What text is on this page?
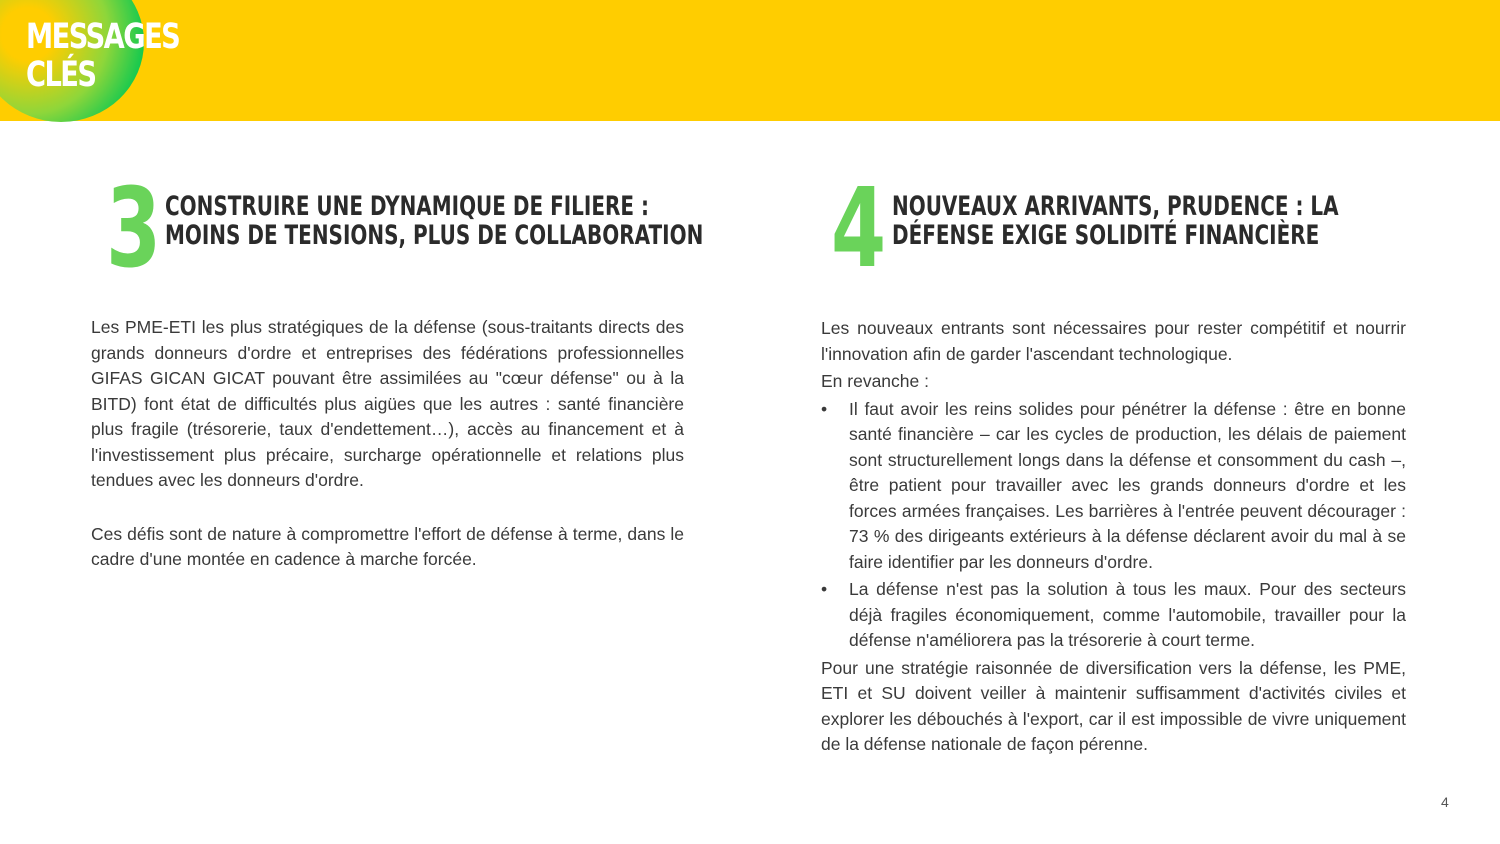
MESSAGES
CLÉS
3 CONSTRUIRE UNE DYNAMIQUE DE FILIERE :
MOINS DE TENSIONS, PLUS DE COLLABORATION

Les PME-ETI les plus stratégiques de la défense (sous-traitants directs des grands donneurs d'ordre et entreprises des fédérations professionnelles GIFAS GICAN GICAT pouvant être assimilées au "cœur défense" ou à la BITD) font état de difficultés plus aigües que les autres : santé financière plus fragile (trésorerie, taux d'endettement…), accès au financement et à l'investissement plus précaire, surcharge opérationnelle et relations plus tendues avec les donneurs d'ordre.

Ces défis sont de nature à compromettre l'effort de défense à terme, dans le cadre d'une montée en cadence à marche forcée.

4 NOUVEAUX ARRIVANTS, PRUDENCE : LA
DÉFENSE EXIGE SOLIDITÉ FINANCIÈRE

Les nouveaux entrants sont nécessaires pour rester compétitif et nourrir l'innovation afin de garder l'ascendant technologique.

En revanche :

• Il faut avoir les reins solides pour pénétrer la défense : être en bonne santé financière – car les cycles de production, les délais de paiement sont structurellement longs dans la défense et consomment du cash –, être patient pour travailler avec les grands donneurs d'ordre et les forces armées françaises. Les barrières à l'entrée peuvent décourager : 73 % des dirigeants extérieurs à la défense déclarent avoir du mal à se faire identifier par les donneurs d'ordre.
• La défense n'est pas la solution à tous les maux. Pour des secteurs déjà fragiles économiquement, comme l'automobile, travailler pour la défense n'améliorera pas la trésorerie à court terme.

Pour une stratégie raisonnée de diversification vers la défense, les PME, ETI et SU doivent veiller à maintenir suffisamment d'activités civiles et explorer les débouchés à l'export, car il est impossible de vivre uniquement de la défense nationale de façon pérenne.

4
